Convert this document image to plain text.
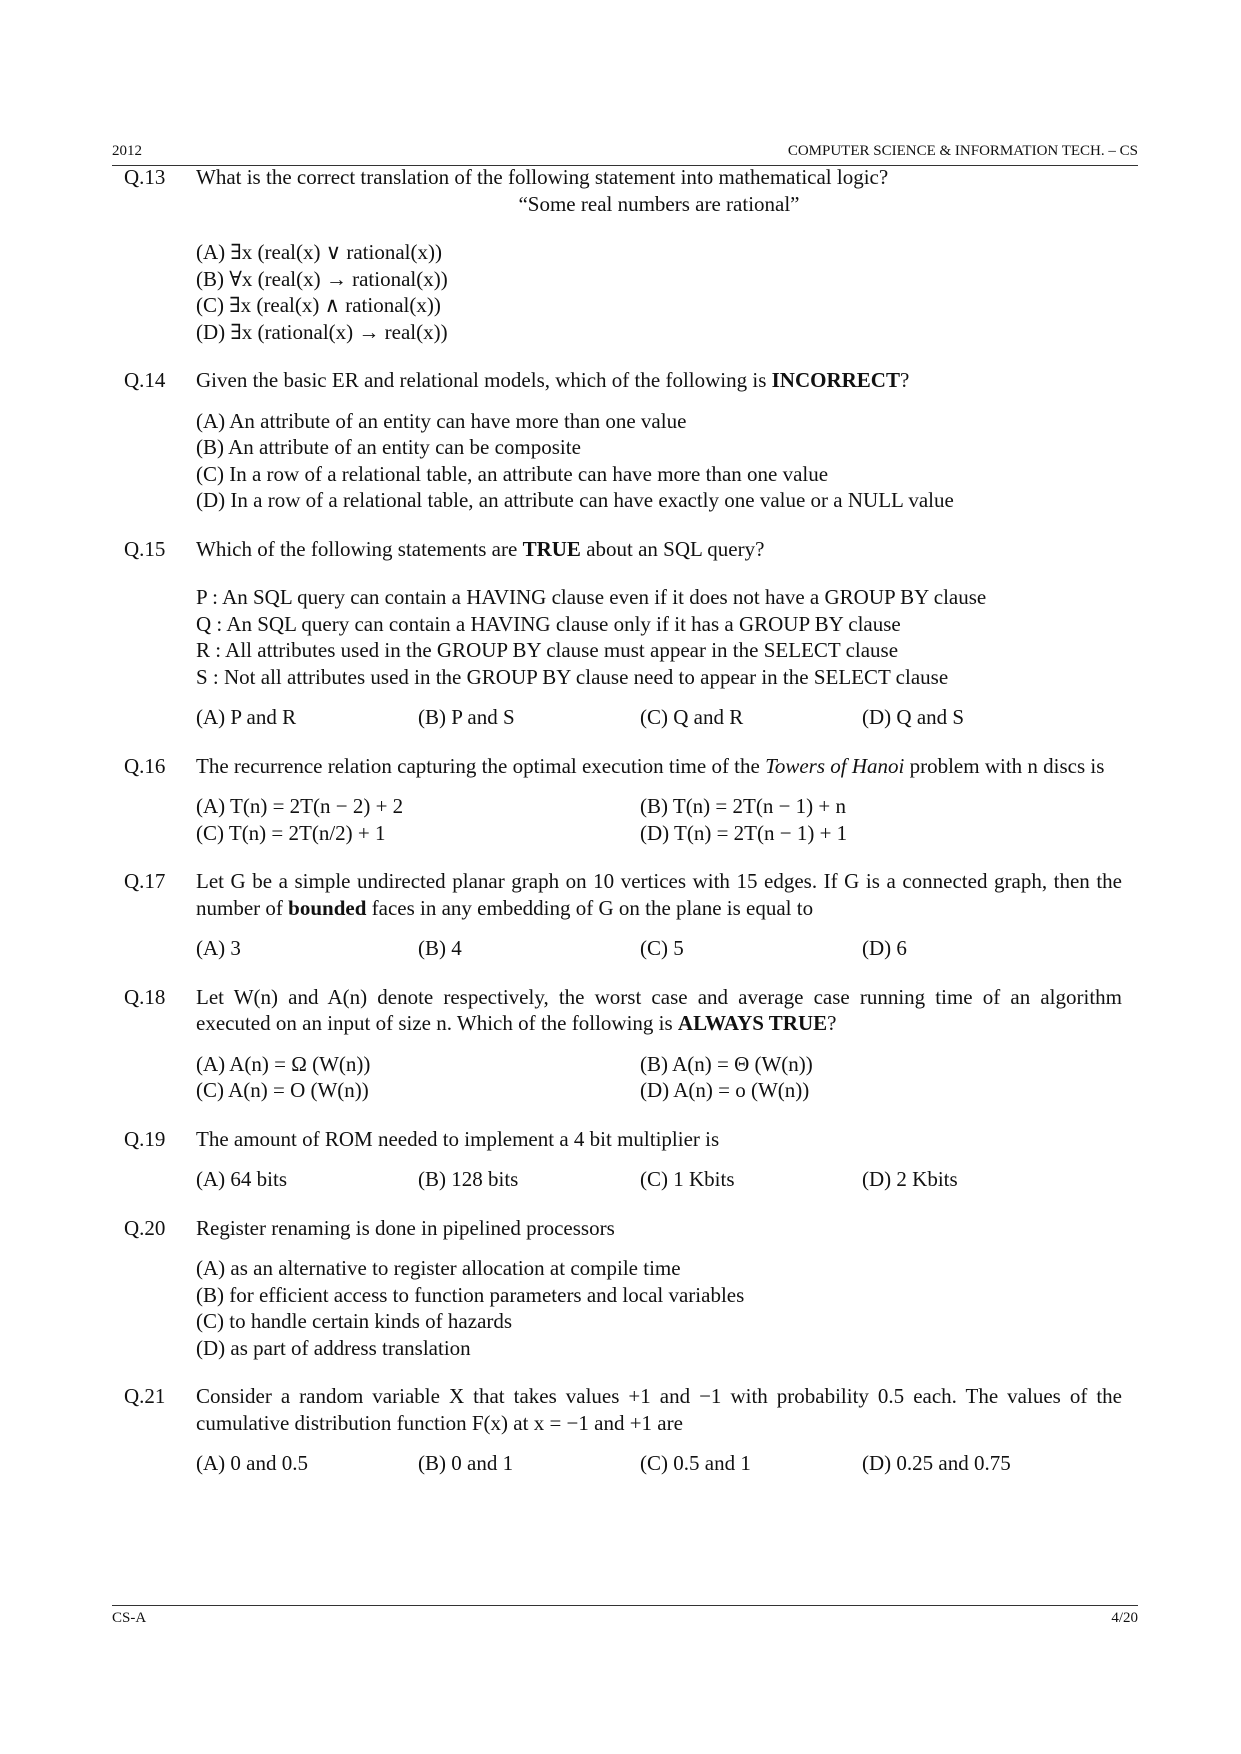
2012	COMPUTER SCIENCE & INFORMATION TECH. – CS
Q.13 What is the correct translation of the following statement into mathematical logic?
“Some real numbers are rational”
(A) ∃x (real(x) ∨ rational(x))
(B) ∀x (real(x) → rational(x))
(C) ∃x (real(x) ∧ rational(x))
(D) ∃x (rational(x) → real(x))
Q.14 Given the basic ER and relational models, which of the following is INCORRECT?
(A) An attribute of an entity can have more than one value
(B) An attribute of an entity can be composite
(C) In a row of a relational table, an attribute can have more than one value
(D) In a row of a relational table, an attribute can have exactly one value or a NULL value
Q.15 Which of the following statements are TRUE about an SQL query?
P : An SQL query can contain a HAVING clause even if it does not have a GROUP BY clause
Q : An SQL query can contain a HAVING clause only if it has a GROUP BY clause
R : All attributes used in the GROUP BY clause must appear in the SELECT clause
S : Not all attributes used in the GROUP BY clause need to appear in the SELECT clause
(A) P and R	(B) P and S	(C) Q and R	(D) Q and S
Q.16 The recurrence relation capturing the optimal execution time of the Towers of Hanoi problem with n discs is
(A) T(n) = 2T(n − 2) + 2	(B) T(n) = 2T(n − 1) + n
(C) T(n) = 2T(n/2) + 1	(D) T(n) = 2T(n − 1) + 1
Q.17 Let G be a simple undirected planar graph on 10 vertices with 15 edges. If G is a connected graph, then the number of bounded faces in any embedding of G on the plane is equal to
(A) 3	(B) 4	(C) 5	(D) 6
Q.18 Let W(n) and A(n) denote respectively, the worst case and average case running time of an algorithm executed on an input of size n. Which of the following is ALWAYS TRUE?
(A) A(n) = Ω (W(n))	(B) A(n) = Θ (W(n))
(C) A(n) = O (W(n))	(D) A(n) = o (W(n))
Q.19 The amount of ROM needed to implement a 4 bit multiplier is
(A) 64 bits	(B) 128 bits	(C) 1 Kbits	(D) 2 Kbits
Q.20 Register renaming is done in pipelined processors
(A) as an alternative to register allocation at compile time
(B) for efficient access to function parameters and local variables
(C) to handle certain kinds of hazards
(D) as part of address translation
Q.21 Consider a random variable X that takes values +1 and −1 with probability 0.5 each. The values of the cumulative distribution function F(x) at x = −1 and +1 are
(A) 0 and 0.5	(B) 0 and 1	(C) 0.5 and 1	(D) 0.25 and 0.75
CS-A	4/20
